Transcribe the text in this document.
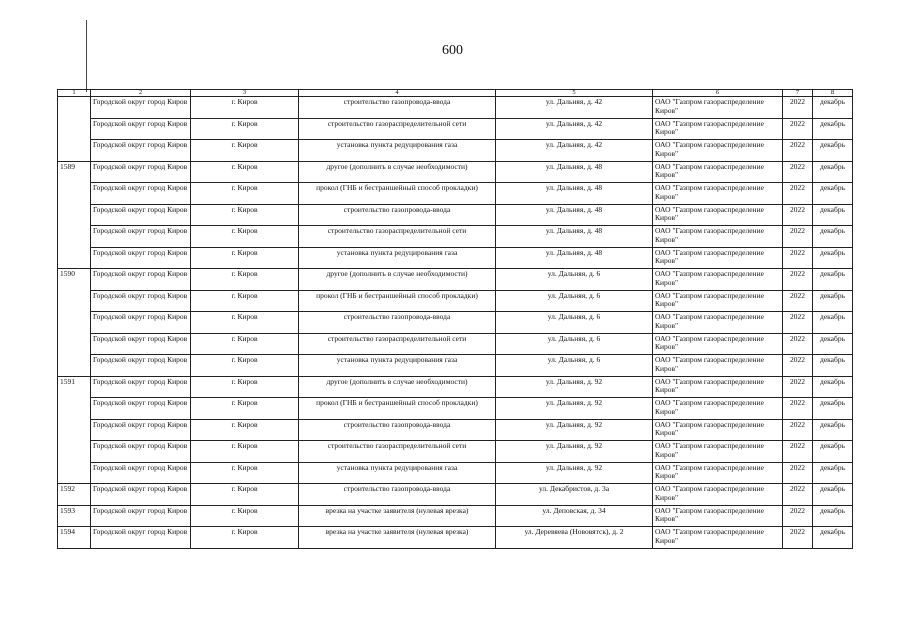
600
1	2	3	4	5	6	7	8
	Городской округ город Киров	г. Киров	строительство газопровода-ввода	ул. Дальняя, д. 42	ОАО "Газпром газораспределение Киров"	2022	декабрь
	Городской округ город Киров	г. Киров	строительство газораспределительной сети	ул. Дальняя, д. 42	ОАО "Газпром газораспределение Киров"	2022	декабрь
	Городской округ город Киров	г. Киров	установка пункта редуцирования газа	ул. Дальняя, д. 42	ОАО "Газпром газораспределение Киров"	2022	декабрь
1589	Городской округ город Киров	г. Киров	другое (дополнить в случае необходимости)	ул. Дальняя, д. 48	ОАО "Газпром газораспределение Киров"	2022	декабрь
	Городской округ город Киров	г. Киров	прокол (ГНБ и бестраншейный способ прокладки)	ул. Дальняя, д. 48	ОАО "Газпром газораспределение Киров"	2022	декабрь
	Городской округ город Киров	г. Киров	строительство газопровода-ввода	ул. Дальняя, д. 48	ОАО "Газпром газораспределение Киров"	2022	декабрь
	Городской округ город Киров	г. Киров	строительство газораспределительной сети	ул. Дальняя, д. 48	ОАО "Газпром газораспределение Киров"	2022	декабрь
	Городской округ город Киров	г. Киров	установка пункта редуцирования газа	ул. Дальняя, д. 48	ОАО "Газпром газораспределение Киров"	2022	декабрь
1590	Городской округ город Киров	г. Киров	другое (дополнить в случае необходимости)	ул. Дальняя, д. 6	ОАО "Газпром газораспределение Киров"	2022	декабрь
	Городской округ город Киров	г. Киров	прокол (ГНБ и бестраншейный способ прокладки)	ул. Дальняя, д. 6	ОАО "Газпром газораспределение Киров"	2022	декабрь
	Городской округ город Киров	г. Киров	строительство газопровода-ввода	ул. Дальняя, д. 6	ОАО "Газпром газораспределение Киров"	2022	декабрь
	Городской округ город Киров	г. Киров	строительство газораспределительной сети	ул. Дальняя, д. 6	ОАО "Газпром газораспределение Киров"	2022	декабрь
	Городской округ город Киров	г. Киров	установка пункта редуцирования газа	ул. Дальняя, д. 6	ОАО "Газпром газораспределение Киров"	2022	декабрь
1591	Городской округ город Киров	г. Киров	другое (дополнить в случае необходимости)	ул. Дальняя, д. 92	ОАО "Газпром газораспределение Киров"	2022	декабрь
	Городской округ город Киров	г. Киров	прокол (ГНБ и бестраншейный способ прокладки)	ул. Дальняя, д. 92	ОАО "Газпром газораспределение Киров"	2022	декабрь
	Городской округ город Киров	г. Киров	строительство газопровода-ввода	ул. Дальняя, д. 92	ОАО "Газпром газораспределение Киров"	2022	декабрь
	Городской округ город Киров	г. Киров	строительство газораспределительной сети	ул. Дальняя, д. 92	ОАО "Газпром газораспределение Киров"	2022	декабрь
	Городской округ город Киров	г. Киров	установка пункта редуцирования газа	ул. Дальняя, д. 92	ОАО "Газпром газораспределение Киров"	2022	декабрь
1592	Городской округ город Киров	г. Киров	строительство газопровода-ввода	ул. Декабристов, д. 3а	ОАО "Газпром газораспределение Киров"	2022	декабрь
1593	Городской округ город Киров	г. Киров	врезка на участке заявителя (нулевая врезка)	ул. Деповская, д. 34	ОАО "Газпром газораспределение Киров"	2022	декабрь
1594	Городской округ город Киров	г. Киров	врезка на участке заявителя (нулевая врезка)	ул. Деревяева (Нововятск), д. 2	ОАО "Газпром газораспределение Киров"	2022	декабрь
